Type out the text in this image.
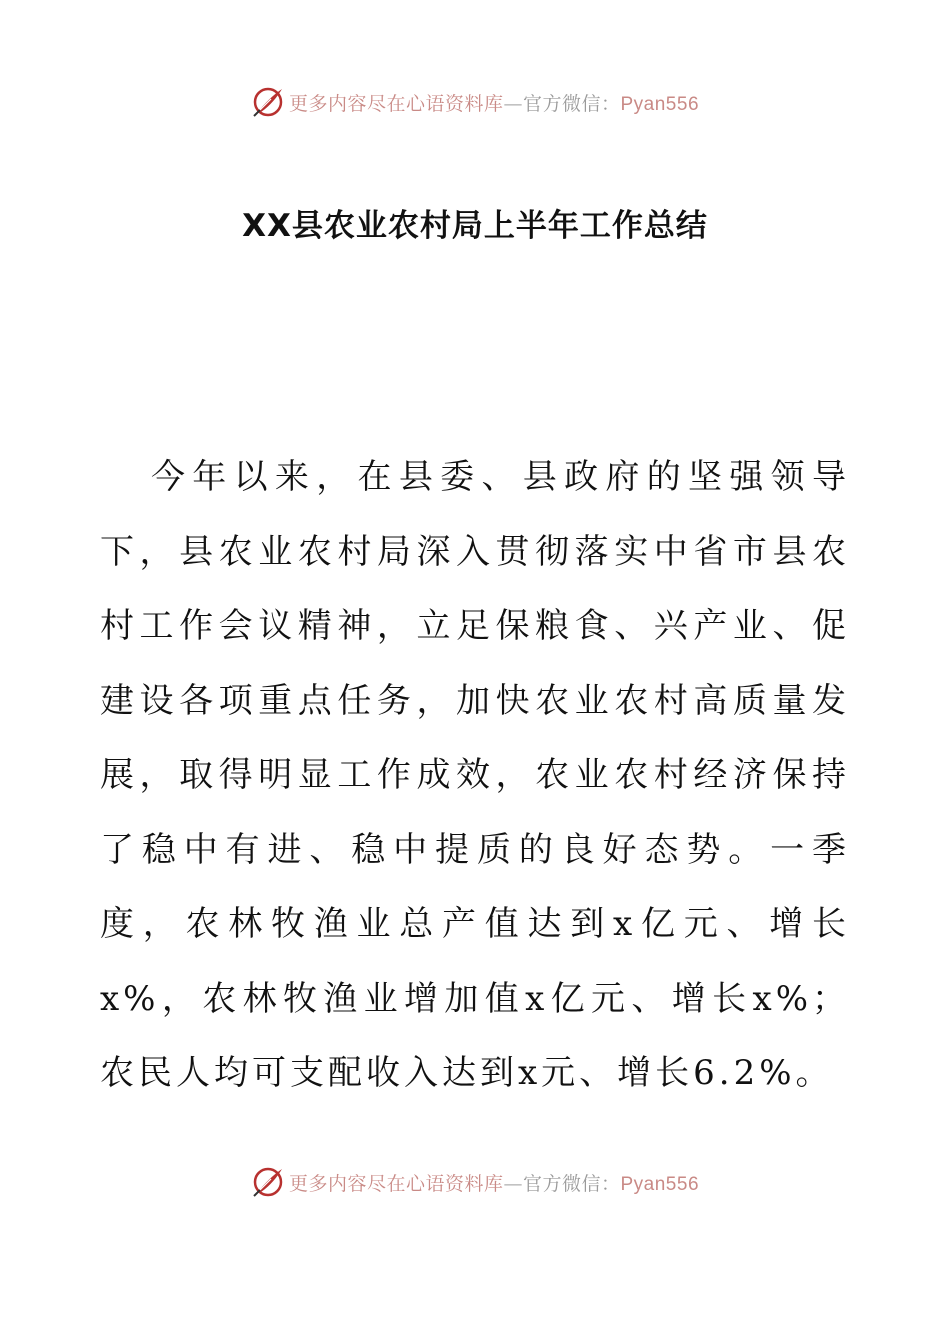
更多内容尽在心语资料库—官方微信：Pyan556
XX县农业农村局上半年工作总结

今年以来，在县委、县政府的坚强领导下，县农业农村局深入贯彻落实中省市县农村工作会议精神，立足保粮食、兴产业、促建设各项重点任务，加快农业农村高质量发展，取得明显工作成效，农业农村经济保持了稳中有进、稳中提质的良好态势。一季度，农林牧渔业总产值达到x亿元、增长x%，农林牧渔业增加值x亿元、增长x%；农民人均可支配收入达到x元、增长6.2%。

更多内容尽在心语资料库—官方微信：Pyan556
